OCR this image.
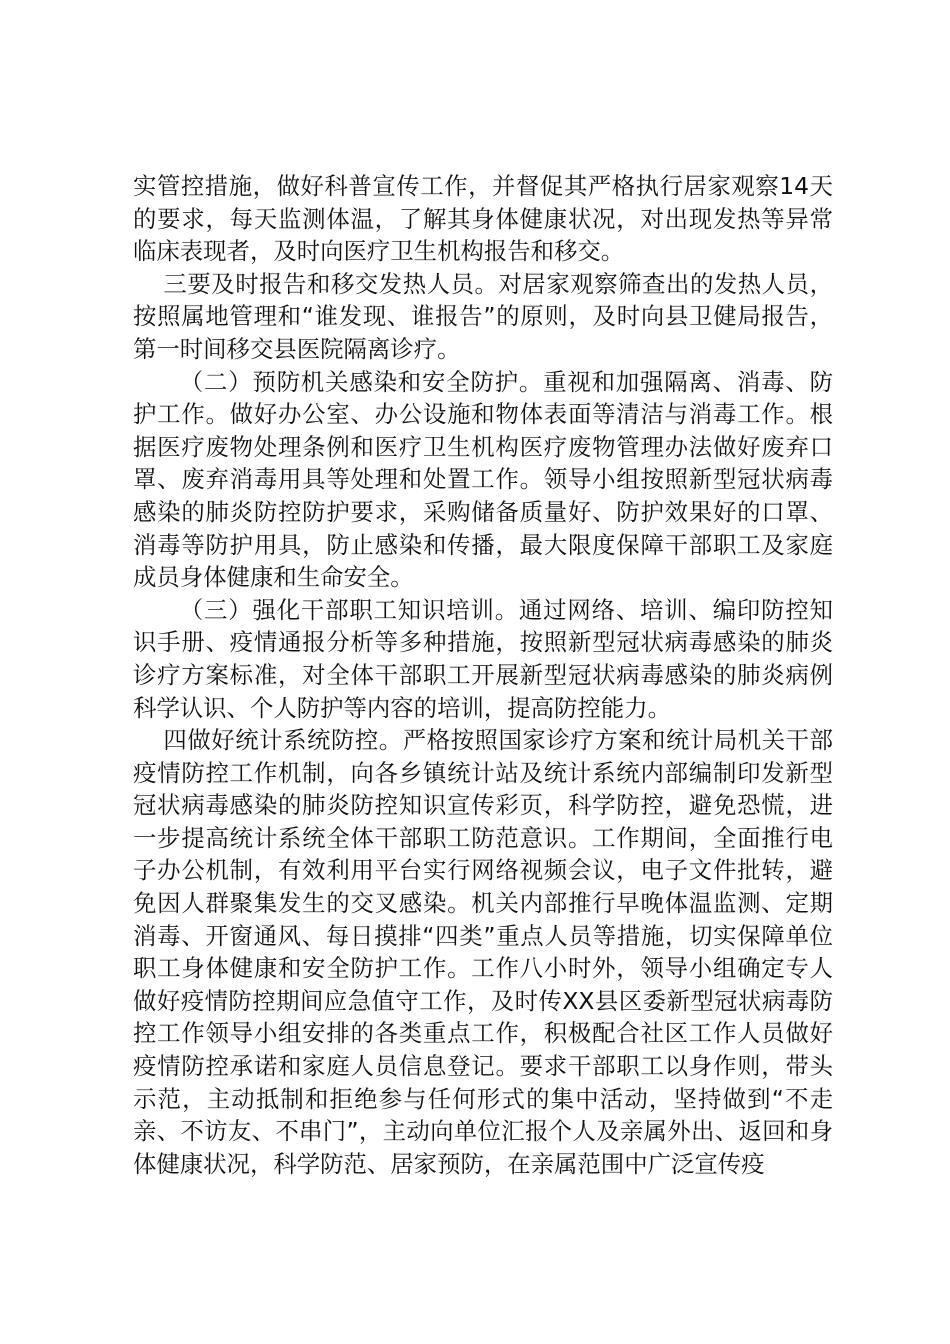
实管控措施，做好科普宣传工作，并督促其严格执行居家观察14天的要求，每天监测体温，了解其身体健康状况，对出现发热等异常临床表现者，及时向医疗卫生机构报告和移交。

三要及时报告和移交发热人员。对居家观察筛查出的发热人员，按照属地管理和“谁发现、谁报告”的原则，及时向县卫健局报告，第一时间移交县医院隔离诊疗。

（二）预防机关感染和安全防护。重视和加强隔离、消毒、防护工作。做好办公室、办公设施和物体表面等清洁与消毒工作。根据医疗废物处理条例和医疗卫生机构医疗废物管理办法做好废弃口罩、废弃消毒用具等处理和处置工作。领导小组按照新型冠状病毒感染的肺炎防控防护要求，采购储备质量好、防护效果好的口罩、消毒等防护用具，防止感染和传播，最大限度保障干部职工及家庭成员身体健康和生命安全。

（三）强化干部职工知识培训。通过网络、培训、编印防控知识手册、疫情通报分析等多种措施，按照新型冠状病毒感染的肺炎诊疗方案标准，对全体干部职工开展新型冠状病毒感染的肺炎病例科学认识、个人防护等内容的培训，提高防控能力。

四做好统计系统防控。严格按照国家诊疗方案和统计局机关干部疫情防控工作机制，向各乡镇统计站及统计系统内部编制印发新型冠状病毒感染的肺炎防控知识宣传彩页，科学防控，避免恐慌，进一步提高统计系统全体干部职工防范意识。工作期间，全面推行电子办公机制，有效利用平台实行网络视频会议，电子文件批转，避免因人群聚集发生的交叉感染。机关内部推行早晚体温监测、定期消毒、开窗通风、每日摸排“四类”重点人员等措施，切实保障单位职工身体健康和安全防护工作。工作八小时外，领导小组确定专人做好疫情防控期间应急值守工作，及时传XX县区委新型冠状病毒防控工作领导小组安排的各类重点工作，积极配合社区工作人员做好疫情防控承诺和家庭人员信息登记。要求干部职工以身作则，带头示范，主动抵制和拒绝参与任何形式的集中活动，坚持做到“不走亲、不访友、不串门”，主动向单位汇报个人及亲属外出、返回和身体健康状况，科学防范、居家预防，在亲属范围中广泛宣传疫
